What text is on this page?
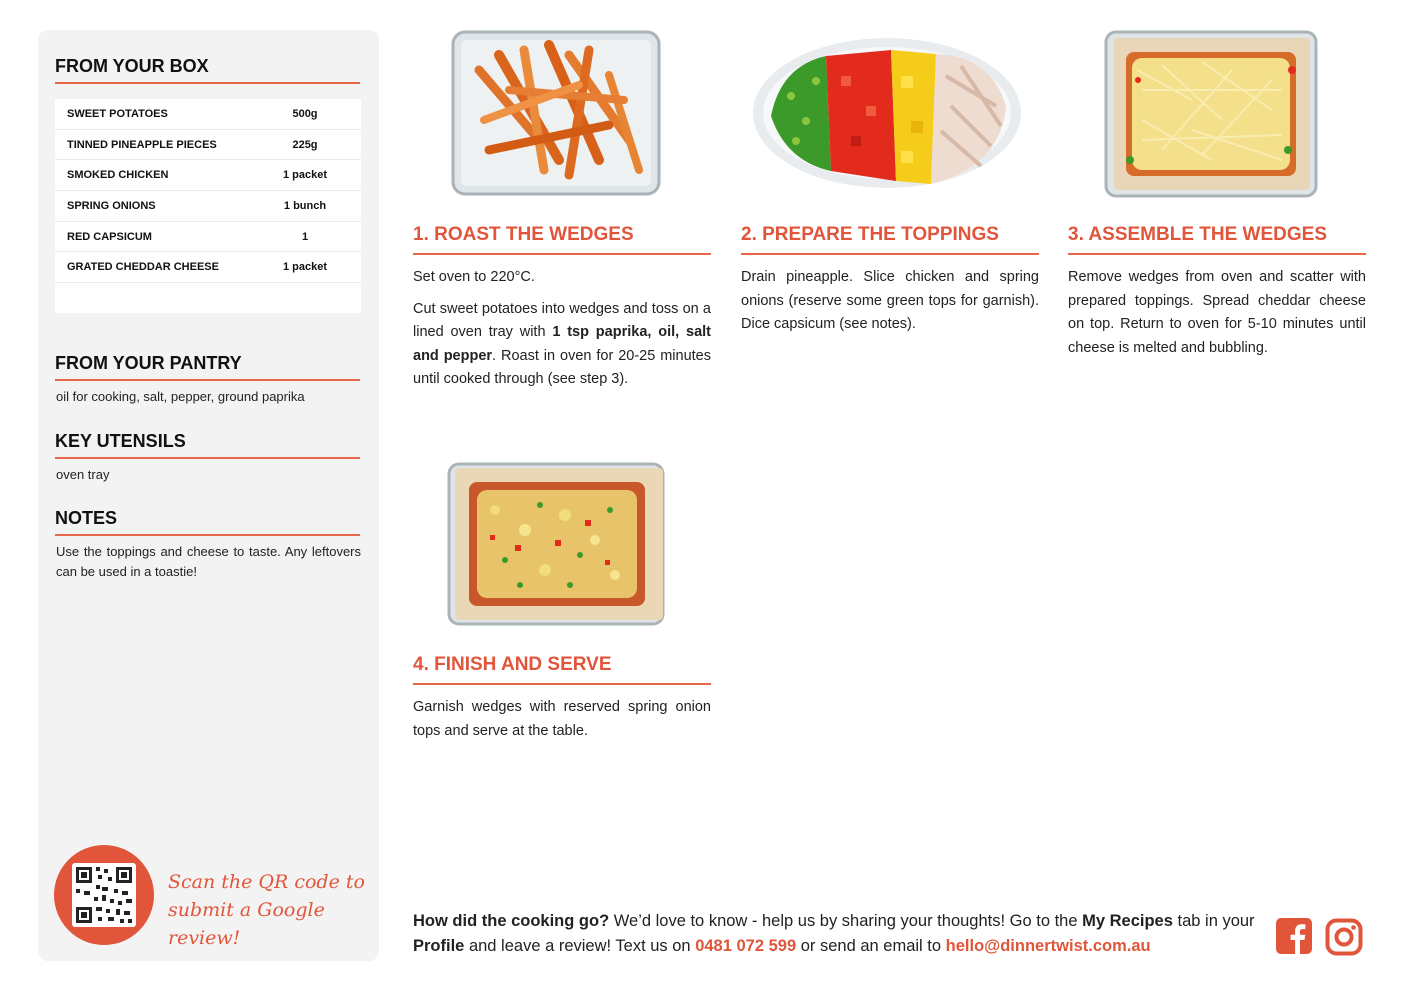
FROM YOUR BOX
SWEET POTATOES	500g
TINNED PINEAPPLE PIECES	225g
SMOKED CHICKEN	1 packet
SPRING ONIONS	1 bunch
RED CAPSICUM	1
GRATED CHEDDAR CHEESE	1 packet
FROM YOUR PANTRY
oil for cooking, salt, pepper, ground paprika
KEY UTENSILS
oven tray
NOTES
Use the toppings and cheese to taste. Any leftovers can be used in a toastie!
Scan the QR code to
submit a Google review!
1. ROAST THE WEDGES

Set oven to 220°C.

Cut sweet potatoes into wedges and toss on a lined oven tray with 1 tsp paprika, oil, salt and pepper. Roast in oven for 20-25 minutes until cooked through (see step 3).

2. PREPARE THE TOPPINGS

Drain pineapple. Slice chicken and spring onions (reserve some green tops for garnish). Dice capsicum (see notes).

3. ASSEMBLE THE WEDGES

Remove wedges from oven and scatter with prepared toppings. Spread cheddar cheese on top. Return to oven for 5-10 minutes until cheese is melted and bubbling.

4. FINISH AND SERVE

Garnish wedges with reserved spring onion tops and serve at the table.

How did the cooking go? We’d love to know - help us by sharing your thoughts! Go to the My Recipes tab in your Profile and leave a review! Text us on 0481 072 599 or send an email to hello@dinnertwist.com.au
